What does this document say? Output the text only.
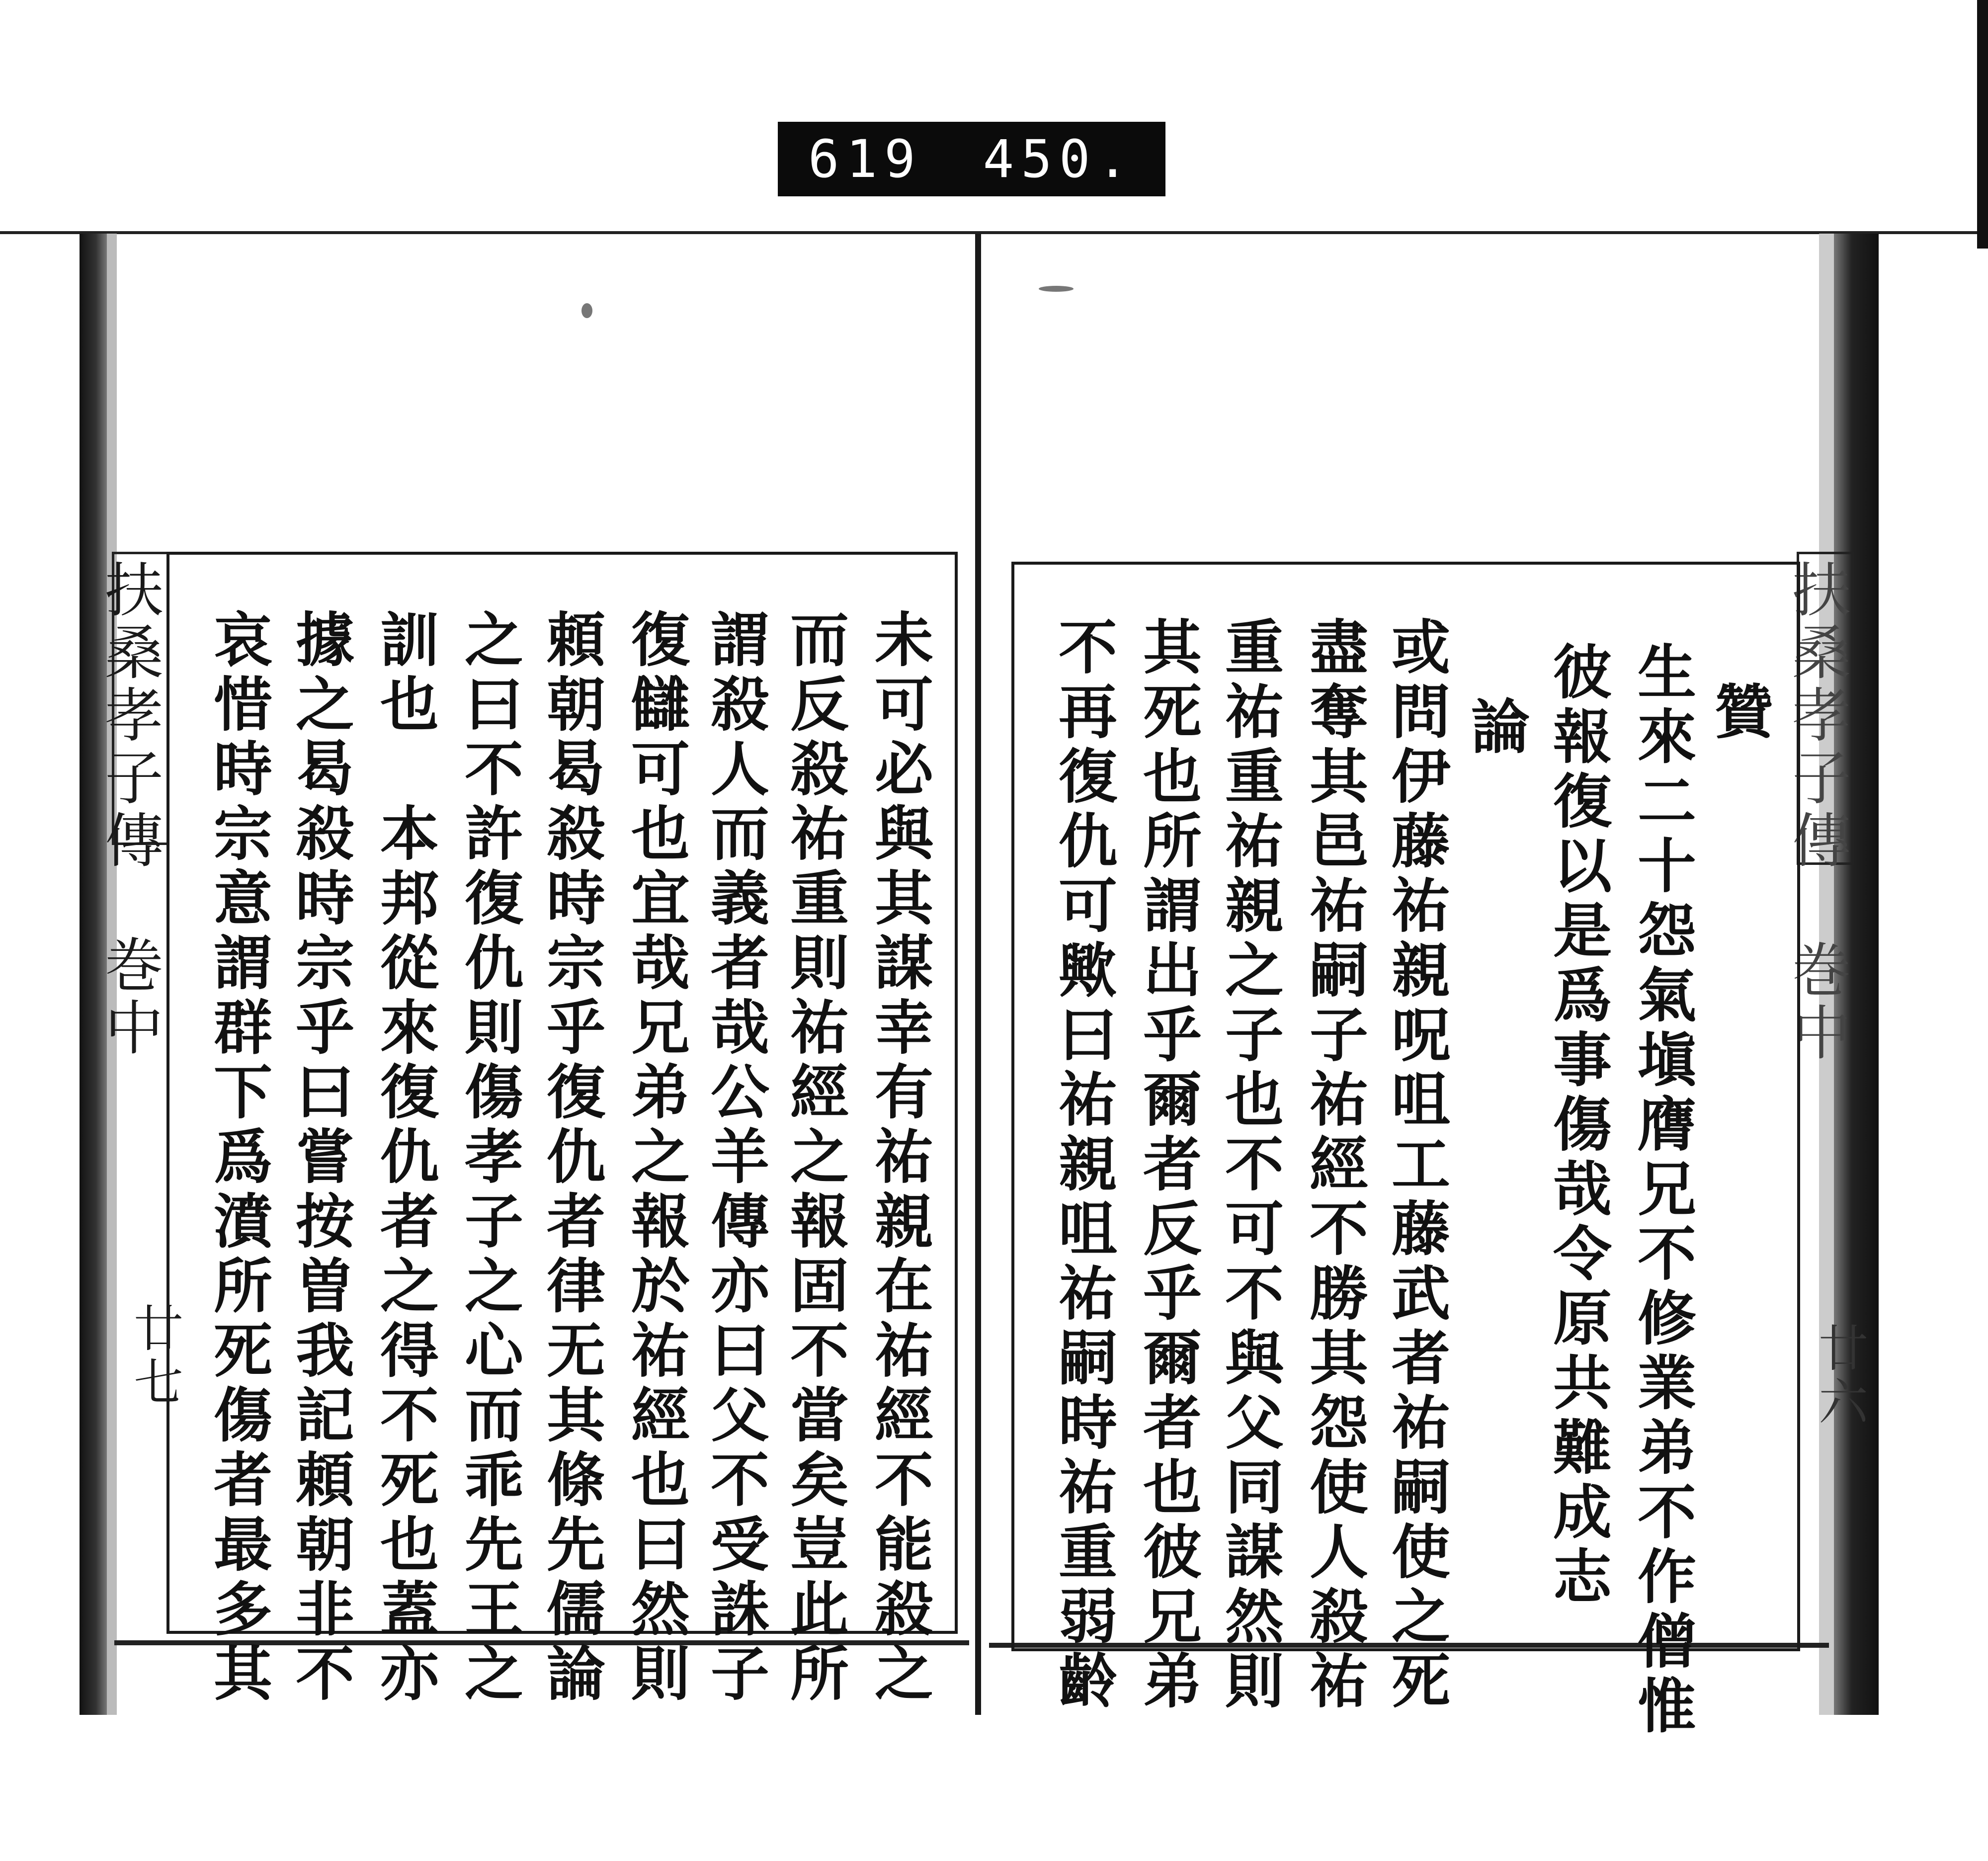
619 450.
扶桑孝子傳
巻中
廿七
扶桑孝子傳
巻中
廿六
未可必與其謀幸有祐親在祐經不能殺之
而反殺祐重則祐經之報固不當矣豈此所
謂殺人而義者哉公羊傳亦曰父不受誅子
復讎可也宜哉兄弟之報於祐經也曰然則
頼朝曷殺時宗乎復仇者律无其條先儒論
之曰不許復仇則傷孝子之心而乖先王之
訓也　本邦從來復仇者之得不死也蓋亦
據之曷殺時宗乎曰嘗按曽我記頼朝非不
哀惜時宗意謂群下爲濆所死傷者最多其	贊
生來二十怨氣塡膺兄不修業弟不作僧惟
彼報復以是爲事傷哉令原共難成志
論
或問伊藤祐親呪咀工藤武者祐嗣使之死
盡奪其邑祐嗣子祐經不勝其怨使人殺祐
重祐重祐親之子也不可不與父同謀然則
其死也所謂出乎爾者反乎爾者也彼兄弟
不再復仇可歟曰祐親咀祐嗣時祐重弱齡
